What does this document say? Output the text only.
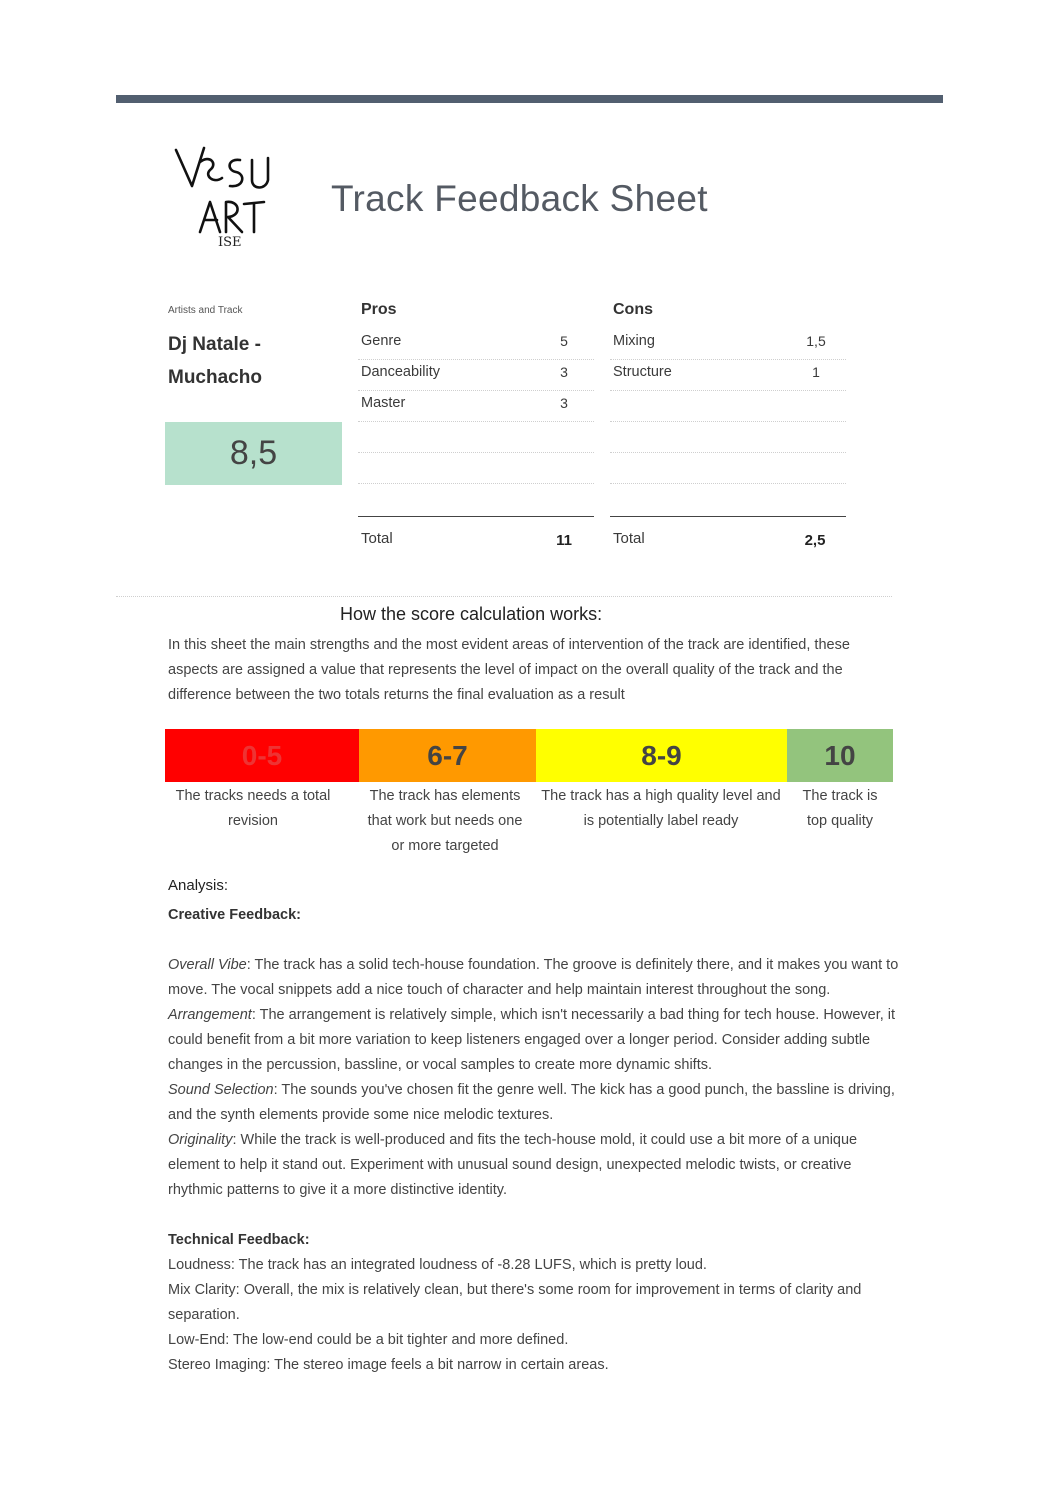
ISE
Track Feedback Sheet
Artists and Track
Dj Natale -
Muchacho
8,5
Pros
Genre	5
Danceability	3
Master	3
Total	11
Cons
Mixing	1,5
Structure	1
Total	2,5
How the score calculation works:
In this sheet the main strengths and the most evident areas of intervention of the track are identified, these
aspects are assigned a value that represents the level of impact on the overall quality of the track and the
difference between the two totals returns the final evaluation as a result
0-5	6-7	8-9	10
The tracks needs a total
revision
The track has elements
that work but needs one
or more targeted
The track has a high quality level and
is potentially label ready
The track is
top quality
Analysis:
Creative Feedback:

Overall Vibe: The track has a solid tech-house foundation. The groove is definitely there, and it makes you want to

move. The vocal snippets add a nice touch of character and help maintain interest throughout the song.

Arrangement: The arrangement is relatively simple, which isn't necessarily a bad thing for tech house. However, it

could benefit from a bit more variation to keep listeners engaged over a longer period. Consider adding subtle

changes in the percussion, bassline, or vocal samples to create more dynamic shifts.

Sound Selection: The sounds you've chosen fit the genre well. The kick has a good punch, the bassline is driving,

and the synth elements provide some nice melodic textures.

Originality: While the track is well-produced and fits the tech-house mold, it could use a bit more of a unique

element to help it stand out. Experiment with unusual sound design, unexpected melodic twists, or creative

rhythmic patterns to give it a more distinctive identity.

Technical Feedback:

Loudness: The track has an integrated loudness of -8.28 LUFS, which is pretty loud.

Mix Clarity: Overall, the mix is relatively clean, but there's some room for improvement in terms of clarity and

separation.

Low-End: The low-end could be a bit tighter and more defined.

Stereo Imaging: The stereo image feels a bit narrow in certain areas.
